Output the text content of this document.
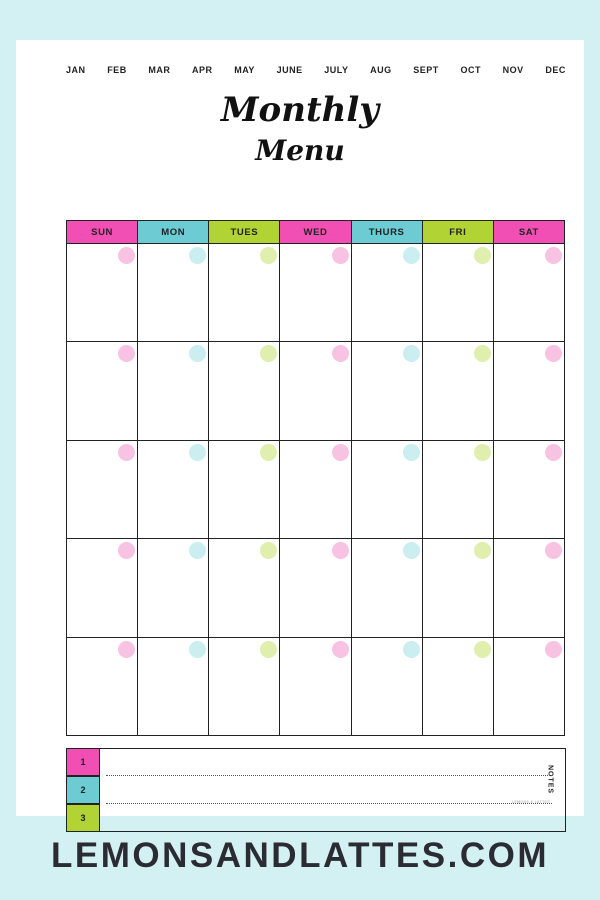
JAN FEB MAR APR MAY JUNE JULY AUG SEPT OCT NOV DEC
Monthly
Menu
SUN	MON	TUES	WED	THURS	FRI	SAT
NOTES
1
2
3
LEMONS & LATTES
LEMONSANDLATTES.COM
